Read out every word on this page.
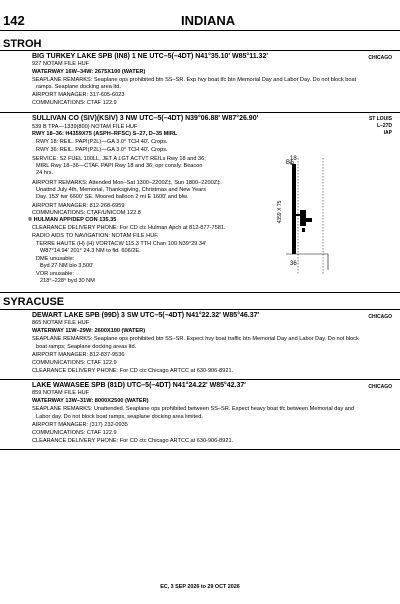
142	INDIANA
STROH
BIG TURKEY LAKE SPB (IN8) 1 NE UTC–5(–4DT) N41°35.10′ W85°11.32′	CHICAGO
927 NOTAM FILE HUF
WATERWAY 16W–34W: 2675X100 (WATER)
SEAPLANE REMARKS: Seaplane ops prohibited btn SS–SR. Exp hvy boat tfc btn Memorial Day and Labor Day. Do not block boat
ramps. Seaplane docking area ltd.
AIRPORT MANAGER: 317-605-6023
COMMUNICATIONS: CTAF 122.9
SULLIVAN CO (SIV)(KSIV) 3 NW UTC–5(–4DT) N39°06.88′ W87°26.90′	ST LOUIS
L–27D
IAP
539 B TPA—1339(800) NOTAM FILE HUF
RWY 18–36: H4359X75 (ASPH–RFSC) S–27, D–35 MIRL
RWY 18: REIL. PAPI(P2L)—GA 3.0° TCH 40′. Crops.
RWY 36: REIL. PAPI(P2L)—GA 3.0° TCH 40′. Crops.
SERVICE: S2 FUEL 100LL, JET A LGT ACTVT REILs Rwy 18 and 36;
MIRL Rwy 18–36—CTAF. PAPI Rwy 18 and 36; opr consly. Beacon
24 hrs.
AIRPORT REMARKS: Attended Mon–Sat 1300–2200Z‡, Sun 1800–2200Z‡.
Unattnd July 4th, Memorial, Thanksgiving, Christmas and New Years
Day. 153′ twr 6600′ SE. Moored balloon 2 mi E 1600′ and blw.
AIRPORT MANAGER: 812-268-6959
COMMUNICATIONS: CTAF/UNICOM 122.8
® HULMAN APP/DEP CON 135.35
CLEARANCE DELIVERY PHONE: For CD ctc Hulman Apch at 812-877-7581.
RADIO AIDS TO NAVIGATION: NOTAM FILE HUF.
TERRE HAUTE (H) (H) VORTACW 115.3 TTH Chan 100 N39°29.34′
W87°14.94′ 201° 24.3 NM to fld. 606/2E.
DME unusable:
Byd 27 NM blo 3,500′
VOR unusable:
218°–228° byd 30 NM
B1
18
36
4359 X 75
SYRACUSE
DEWART LAKE SPB (99D) 3 SW UTC–5(–4DT) N41°22.32′ W85°46.37′	CHICAGO
865 NOTAM FILE HUF
WATERWAY 11W–29W: 2600X100 (WATER)
SEAPLANE REMARKS: Seaplane ops prohibited btn SS–SR. Expect hvy boat traffic btn Memorial Day and Labor Day. Do not block
boat ramps; Seaplane docking areas ltd.
AIRPORT MANAGER: 812-837-9536
COMMUNICATIONS: CTAF 122.9
CLEARANCE DELIVERY PHONE: For CD ctc Chicago ARTCC at 630-906-8921.
LAKE WAWASEE SPB (81D) UTC–5(–4DT) N41°24.22′ W85°42.37′	CHICAGO
859 NOTAM FILE HUF
WATERWAY 13W–31W: 8000X2500 (WATER)
SEAPLANE REMARKS: Unattended. Seaplane ops prohibited between SS–SR. Expect heavy boat tfc between Memorial day and
Labor day. Do not block boat ramps, seaplane docking area limited.
AIRPORT MANAGER: (317) 232-0935
COMMUNICATIONS: CTAF 122.9
CLEARANCE DELIVERY PHONE: For CD ctc Chicago ARTCC at 630-906-8921.
EC, 3 SEP 2026 to 29 OCT 2026
